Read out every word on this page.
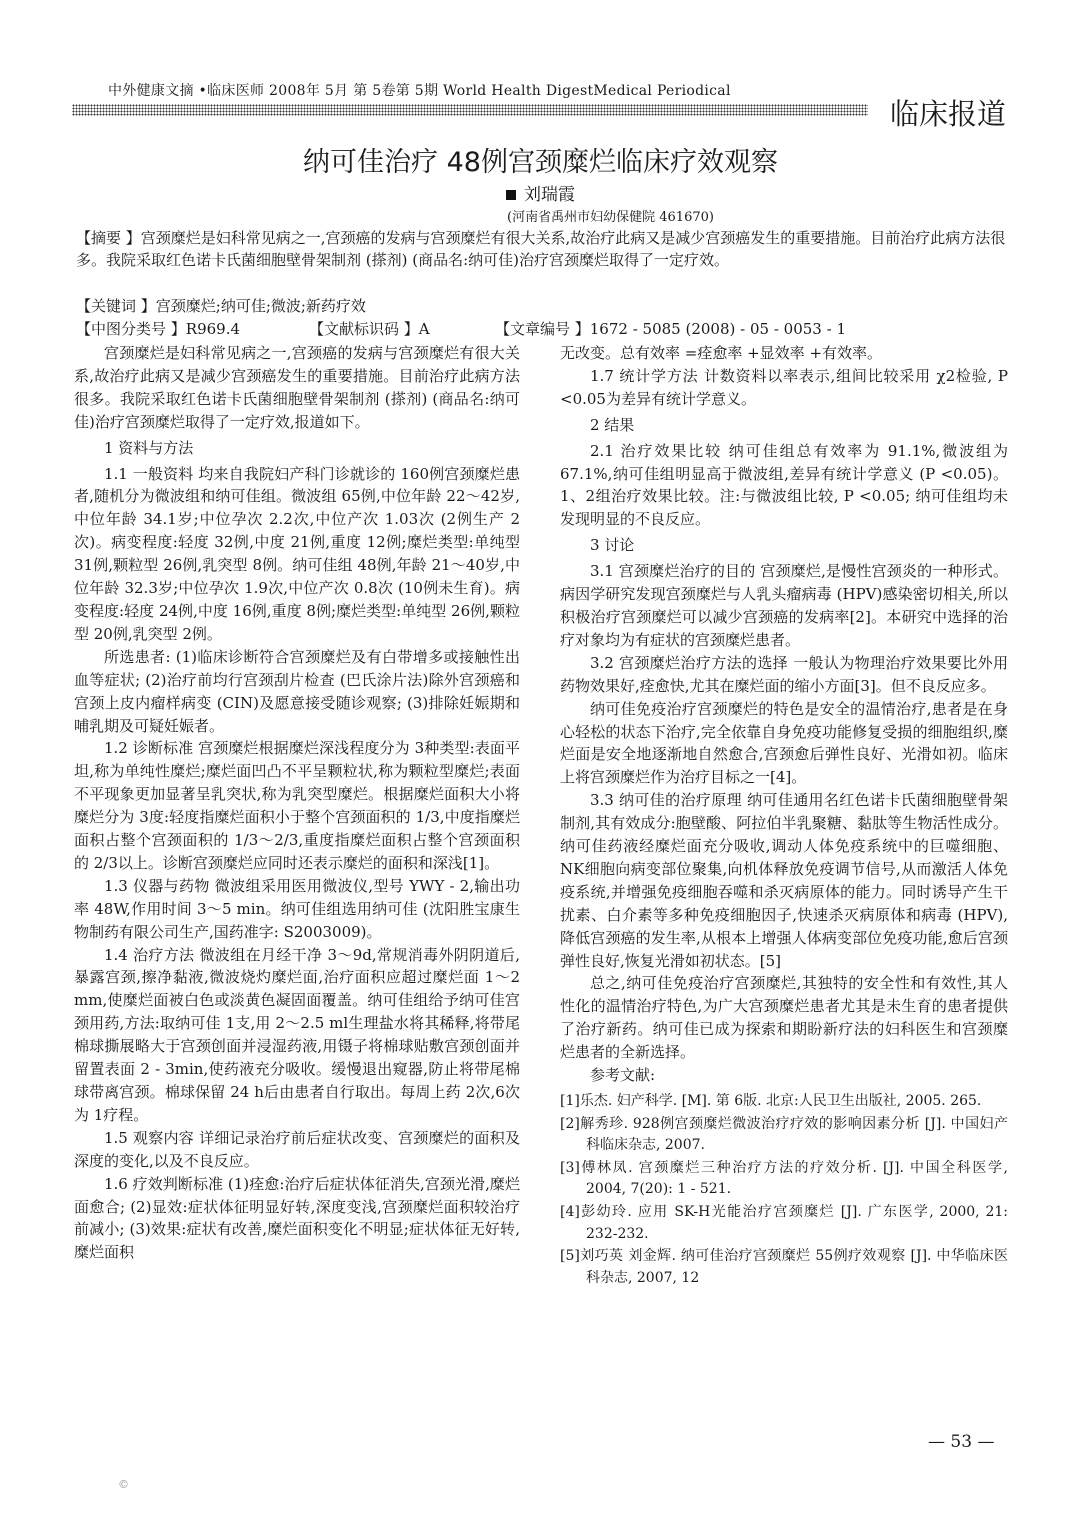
中外健康文摘 •临床医师 2008年 5月 第 5卷第 5期 World Health DigestMedical Periodical
临床报道
纳可佳治疗 48例宫颈糜烂临床疗效观察
刘瑞霞
(河南省禹州市妇幼保健院 461670)
【摘要 】宫颈糜烂是妇科常见病之一,宫颈癌的发病与宫颈糜烂有很大关系,故治疗此病又是减少宫颈癌发生的重要措施。目前治疗此病方法很多。我院采取红色诺卡氏菌细胞壁骨架制剂 (搽剂) (商品名:纳可佳)治疗宫颈糜烂取得了一定疗效。
【关键词 】宫颈糜烂;纳可佳;微波;新药疗效
【中图分类号 】R969.4	【文献标识码 】A	【文章编号 】1672 - 5085 (2008) - 05 - 0053 - 1

宫颈糜烂是妇科常见病之一,宫颈癌的发病与宫颈糜烂有很大关系,故治疗此病又是减少宫颈癌发生的重要措施。目前治疗此病方法很多。我院采取红色诺卡氏菌细胞壁骨架制剂 (搽剂) (商品名:纳可佳)治疗宫颈糜烂取得了一定疗效,报道如下。

1 资料与方法

1.1 一般资料 均来自我院妇产科门诊就诊的 160例宫颈糜烂患者,随机分为微波组和纳可佳组。微波组 65例,中位年龄 22～42岁,中位年龄 34.1岁;中位孕次 2.2次,中位产次 1.03次 (2例生产 2次)。病变程度:轻度 32例,中度 21例,重度 12例;糜烂类型:单纯型 31例,颗粒型 26例,乳突型 8例。纳可佳组 48例,年龄 21～40岁,中位年龄 32.3岁;中位孕次 1.9次,中位产次 0.8次 (10例未生育)。病变程度:轻度 24例,中度 16例,重度 8例;糜烂类型:单纯型 26例,颗粒型 20例,乳突型 2例。

所选患者: (1)临床诊断符合宫颈糜烂及有白带增多或接触性出血等症状; (2)治疗前均行宫颈刮片检查 (巴氏涂片法)除外宫颈癌和宫颈上皮内瘤样病变 (CIN)及愿意接受随诊观察; (3)排除妊娠期和哺乳期及可疑妊娠者。

1.2 诊断标准 宫颈糜烂根据糜烂深浅程度分为 3种类型:表面平坦,称为单纯性糜烂;糜烂面凹凸不平呈颗粒状,称为颗粒型糜烂;表面不平现象更加显著呈乳突状,称为乳突型糜烂。根据糜烂面积大小将糜烂分为 3度:轻度指糜烂面积小于整个宫颈面积的 1/3,中度指糜烂面积占整个宫颈面积的 1/3～2/3,重度指糜烂面积占整个宫颈面积的 2/3以上。诊断宫颈糜烂应同时还表示糜烂的面积和深浅[1]。

1.3 仪器与药物 微波组采用医用微波仪,型号 YWY - 2,输出功率 48W,作用时间 3～5 min。纳可佳组选用纳可佳 (沈阳胜宝康生物制药有限公司生产,国药准字: S2003009)。

1.4 治疗方法 微波组在月经干净 3～9d,常规消毒外阴阴道后,暴露宫颈,擦净黏液,微波烧灼糜烂面,治疗面积应超过糜烂面 1～2 mm,使糜烂面被白色或淡黄色凝固面覆盖。纳可佳组给予纳可佳宫颈用药,方法:取纳可佳 1支,用 2～2.5 ml生理盐水将其稀释,将带尾棉球撕展略大于宫颈创面并浸湿药液,用镊子将棉球贴敷宫颈创面并留置表面 2 - 3min,使药液充分吸收。缓慢退出窥器,防止将带尾棉球带离宫颈。棉球保留 24 h后由患者自行取出。每周上药 2次,6次为 1疗程。

1.5 观察内容 详细记录治疗前后症状改变、宫颈糜烂的面积及深度的变化,以及不良反应。

1.6 疗效判断标准 (1)痊愈:治疗后症状体征消失,宫颈光滑,糜烂面愈合; (2)显效:症状体征明显好转,深度变浅,宫颈糜烂面积较治疗前减小; (3)效果:症状有改善,糜烂面积变化不明显;症状体征无好转,糜烂面积

无改变。总有效率 =痊愈率 +显效率 +有效率。

1.7 统计学方法 计数资料以率表示,组间比较采用 χ2检验, P <0.05为差异有统计学意义。

2 结果

2.1 治疗效果比较 纳可佳组总有效率为 91.1%,微波组为 67.1%,纳可佳组明显高于微波组,差异有统计学意义 (P <0.05)。1、2组治疗效果比较。注:与微波组比较, P <0.05; 纳可佳组均未发现明显的不良反应。

3 讨论

3.1 宫颈糜烂治疗的目的 宫颈糜烂,是慢性宫颈炎的一种形式。病因学研究发现宫颈糜烂与人乳头瘤病毒 (HPV)感染密切相关,所以积极治疗宫颈糜烂可以减少宫颈癌的发病率[2]。本研究中选择的治疗对象均为有症状的宫颈糜烂患者。

3.2 宫颈糜烂治疗方法的选择 一般认为物理治疗效果要比外用药物效果好,痊愈快,尤其在糜烂面的缩小方面[3]。但不良反应多。

纳可佳免疫治疗宫颈糜烂的特色是安全的温情治疗,患者是在身心轻松的状态下治疗,完全依靠自身免疫功能修复受损的细胞组织,糜烂面是安全地逐渐地自然愈合,宫颈愈后弹性良好、光滑如初。临床上将宫颈糜烂作为治疗目标之一[4]。

3.3 纳可佳的治疗原理 纳可佳通用名红色诺卡氏菌细胞壁骨架制剂,其有效成分:胞壁酸、阿拉伯半乳聚糖、黏肽等生物活性成分。纳可佳药液经糜烂面充分吸收,调动人体免疫系统中的巨噬细胞、NK细胞向病变部位聚集,向机体释放免疫调节信号,从而激活人体免疫系统,并增强免疫细胞吞噬和杀灭病原体的能力。同时诱导产生干扰素、白介素等多种免疫细胞因子,快速杀灭病原体和病毒 (HPV),降低宫颈癌的发生率,从根本上增强人体病变部位免疫功能,愈后宫颈弹性良好,恢复光滑如初状态。[5]

总之,纳可佳免疫治疗宫颈糜烂,其独特的安全性和有效性,其人性化的温情治疗特色,为广大宫颈糜烂患者尤其是未生育的患者提供了治疗新药。纳可佳已成为探索和期盼新疗法的妇科医生和宫颈糜烂患者的全新选择。

参考文献:

[1]乐杰. 妇产科学. [M]. 第 6版. 北京:人民卫生出版社, 2005. 265.

[2]解秀珍. 928例宫颈糜烂微波治疗疗效的影响因素分析 [J]. 中国妇产科临床杂志, 2007.

[3]傅林凤. 宫颈糜烂三种治疗方法的疗效分析. [J]. 中国全科医学, 2004, 7(20): 1 - 521.

[4]彭幼玲. 应用 SK-H光能治疗宫颈糜烂 [J]. 广东医学, 2000, 21: 232-232.

[5]刘巧英 刘金辉. 纳可佳治疗宫颈糜烂 55例疗效观察 [J]. 中华临床医科杂志, 2007, 12

— 53 —
©
